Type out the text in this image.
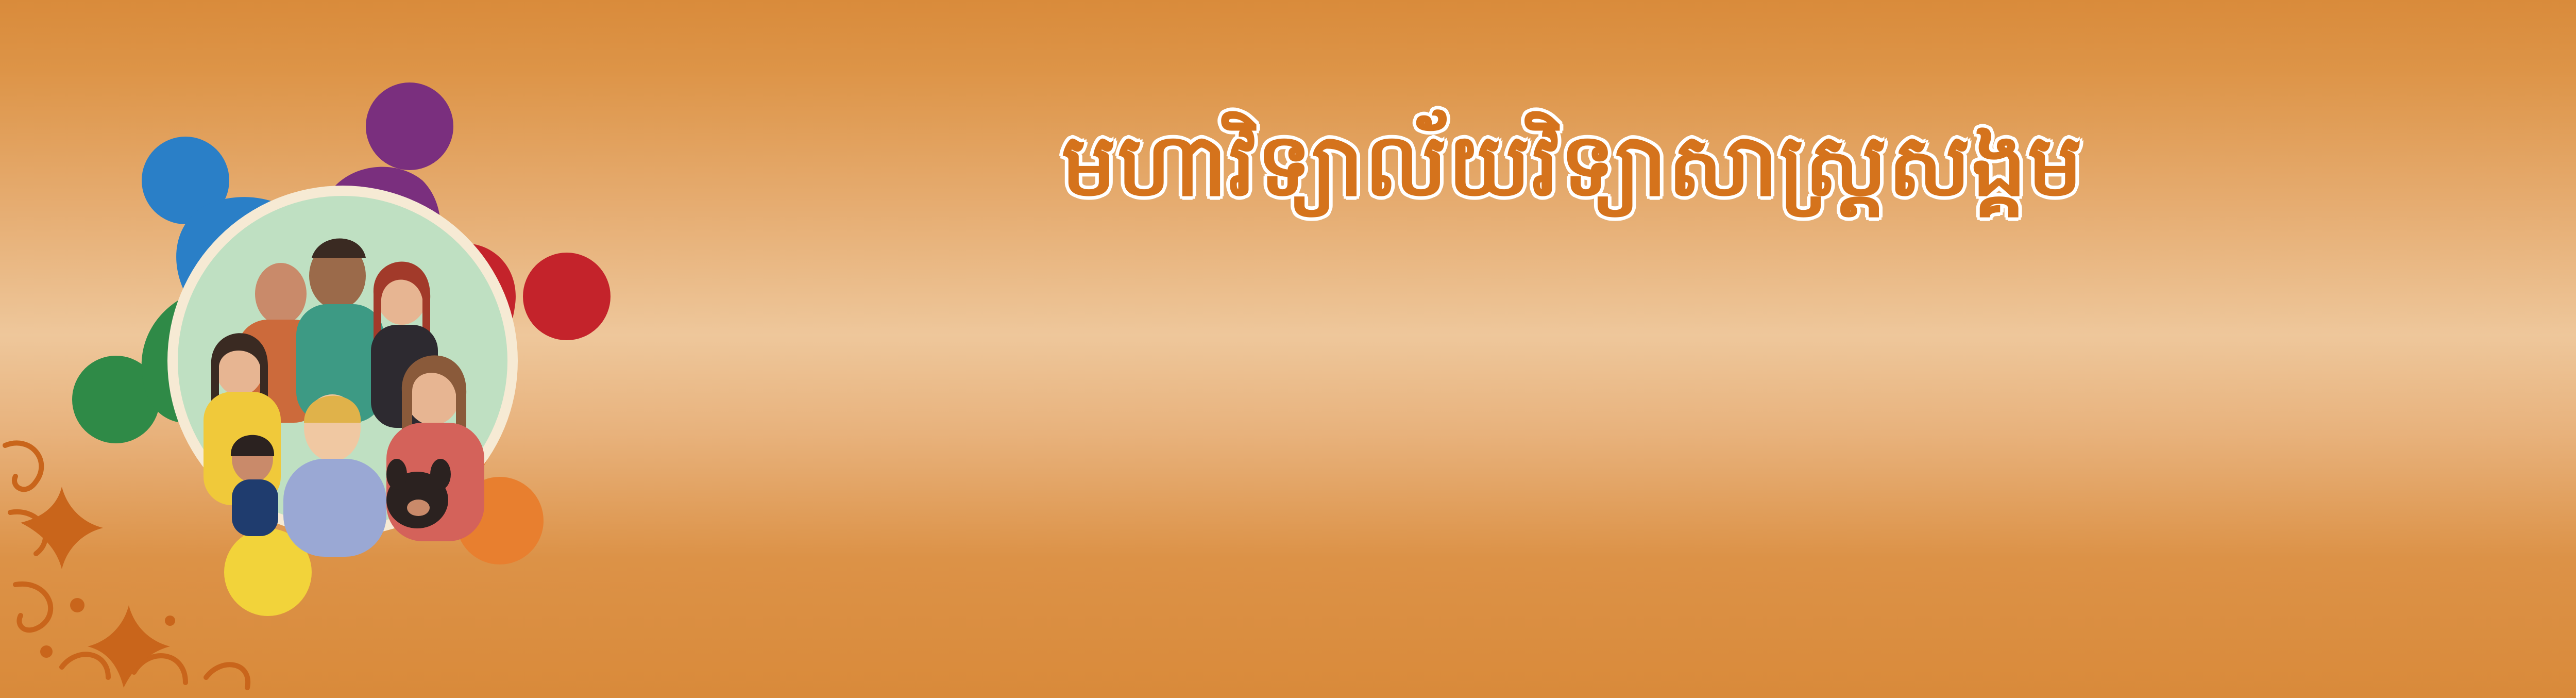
មហាវិទ្យាល័យវិទ្យាសាស្ត្រសង្គម
